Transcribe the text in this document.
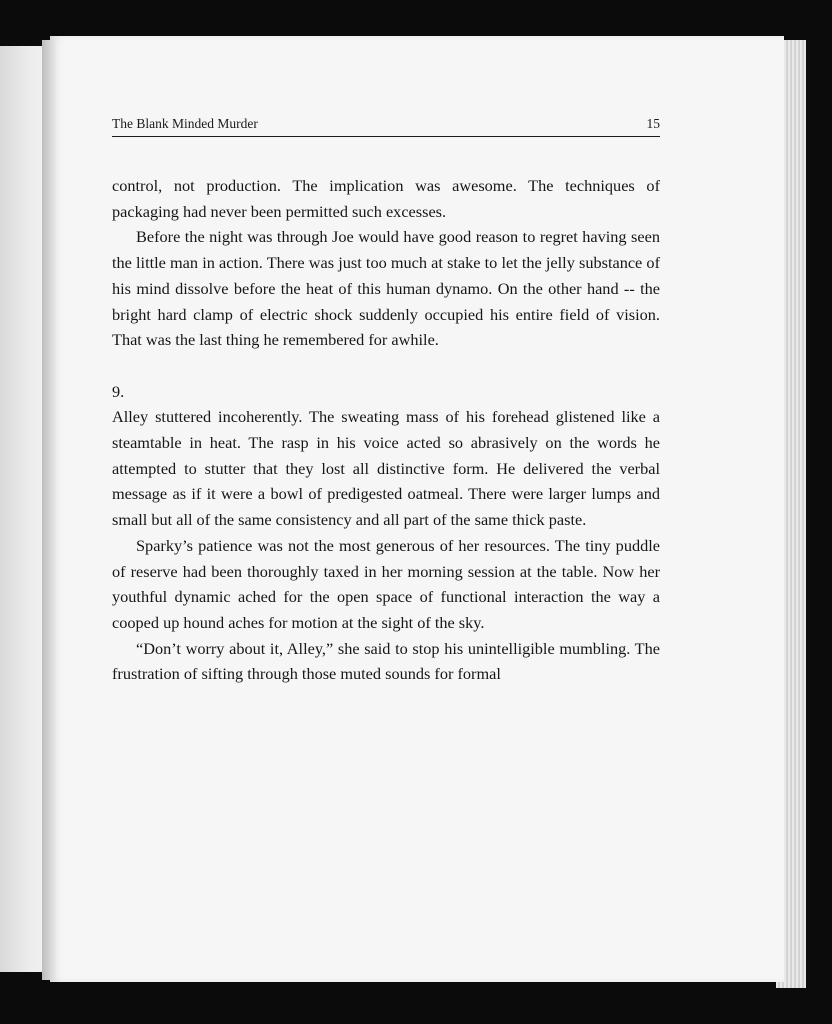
The Blank Minded Murder	15

control, not production. The implication was awesome. The techniques of packaging had never been permitted such excesses.

Before the night was through Joe would have good reason to regret having seen the little man in action. There was just too much at stake to let the jelly substance of his mind dissolve before the heat of this human dynamo. On the other hand -- the bright hard clamp of electric shock suddenly occupied his entire field of vision. That was the last thing he remembered for awhile.

9.

Alley stuttered incoherently. The sweating mass of his forehead glistened like a steamtable in heat. The rasp in his voice acted so abrasively on the words he attempted to stutter that they lost all distinctive form. He delivered the verbal message as if it were a bowl of predigested oatmeal. There were larger lumps and small but all of the same consistency and all part of the same thick paste.

Sparky’s patience was not the most generous of her resources. The tiny puddle of reserve had been thoroughly taxed in her morning session at the table. Now her youthful dynamic ached for the open space of functional interaction the way a cooped up hound aches for motion at the sight of the sky.

“Don’t worry about it, Alley,” she said to stop his unintelligible mumbling. The frustration of sifting through those muted sounds for formal
